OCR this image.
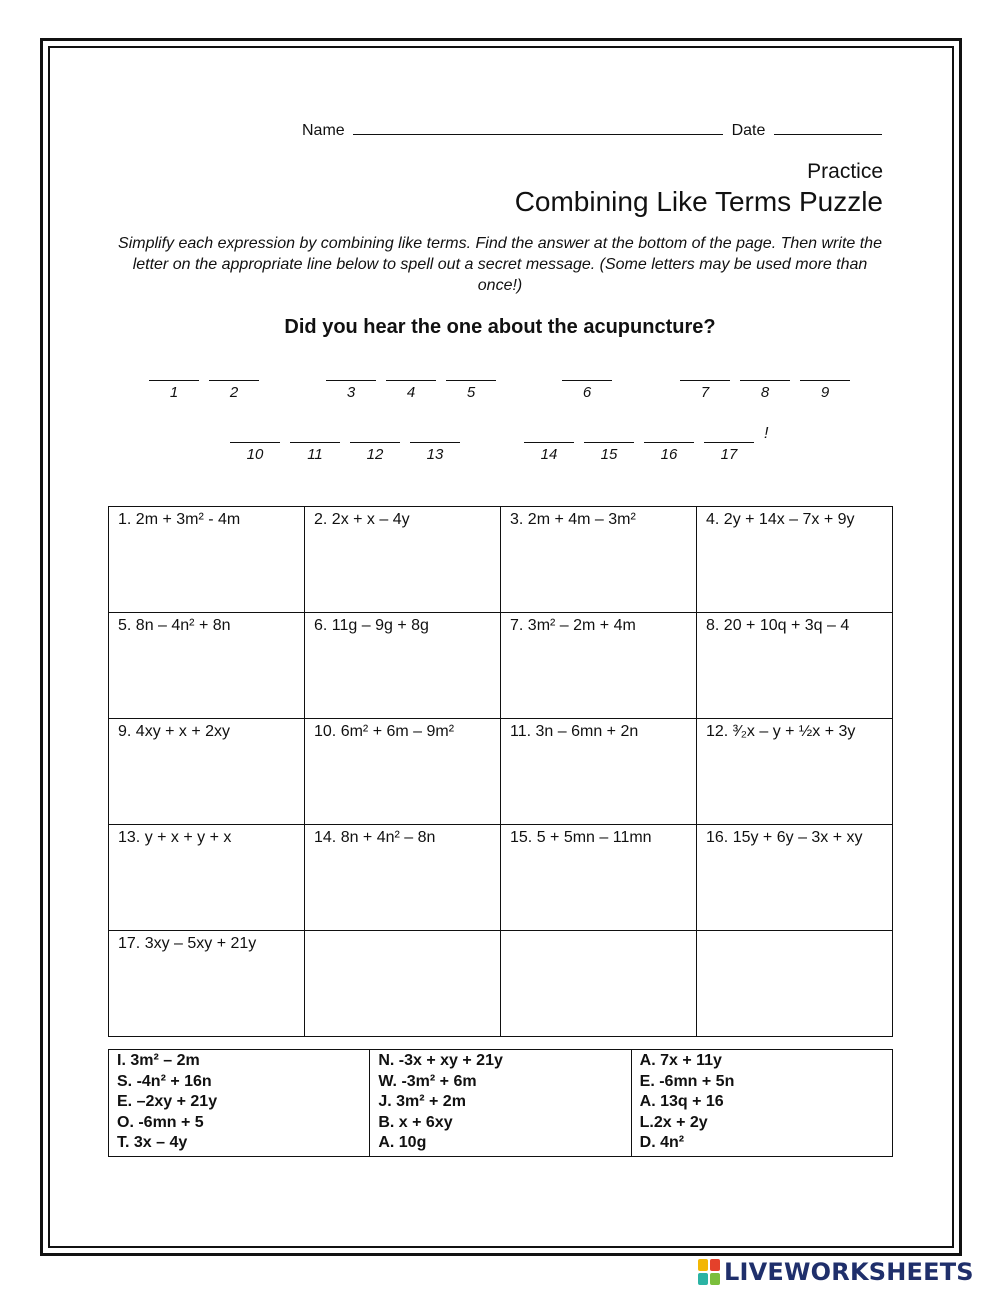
Name	Date
Practice
Combining Like Terms Puzzle
Simplify each expression by combining like terms. Find the answer at the bottom of the page. Then write the letter on the appropriate line below to spell out a secret message. (Some letters may be used more than once!)
Did you hear the one about the acupuncture?
1	2	3	4	5	6	7	8	9
10	11	12	13	14	15	16	17
!
1. 2m + 3m² - 4m	2. 2x + x – 4y	3. 2m + 4m – 3m²	4. 2y + 14x – 7x + 9y
5. 8n – 4n² + 8n	6. 11g – 9g + 8g	7. 3m² – 2m + 4m	8. 20 + 10q + 3q – 4
9. 4xy + x + 2xy	10. 6m² + 6m – 9m²	11. 3n – 6mn + 2n	12. ³⁄₂x – y + ½x + 3y
13. y + x + y + x	14. 8n + 4n² – 8n	15. 5 + 5mn – 11mn	16. 15y + 6y – 3x + xy
17. 3xy – 5xy + 21y			
I. 3m² – 2m
S. -4n² + 16n
E. –2xy + 21y
O. -6mn + 5
T. 3x – 4y

N. -3x + xy + 21y
W. -3m² + 6m
J. 3m² + 2m
B. x + 6xy
A. 10g

A. 7x + 11y
E. -6mn + 5n
A. 13q + 16
L.2x + 2y
D. 4n²
LIVEWORKSHEETS
